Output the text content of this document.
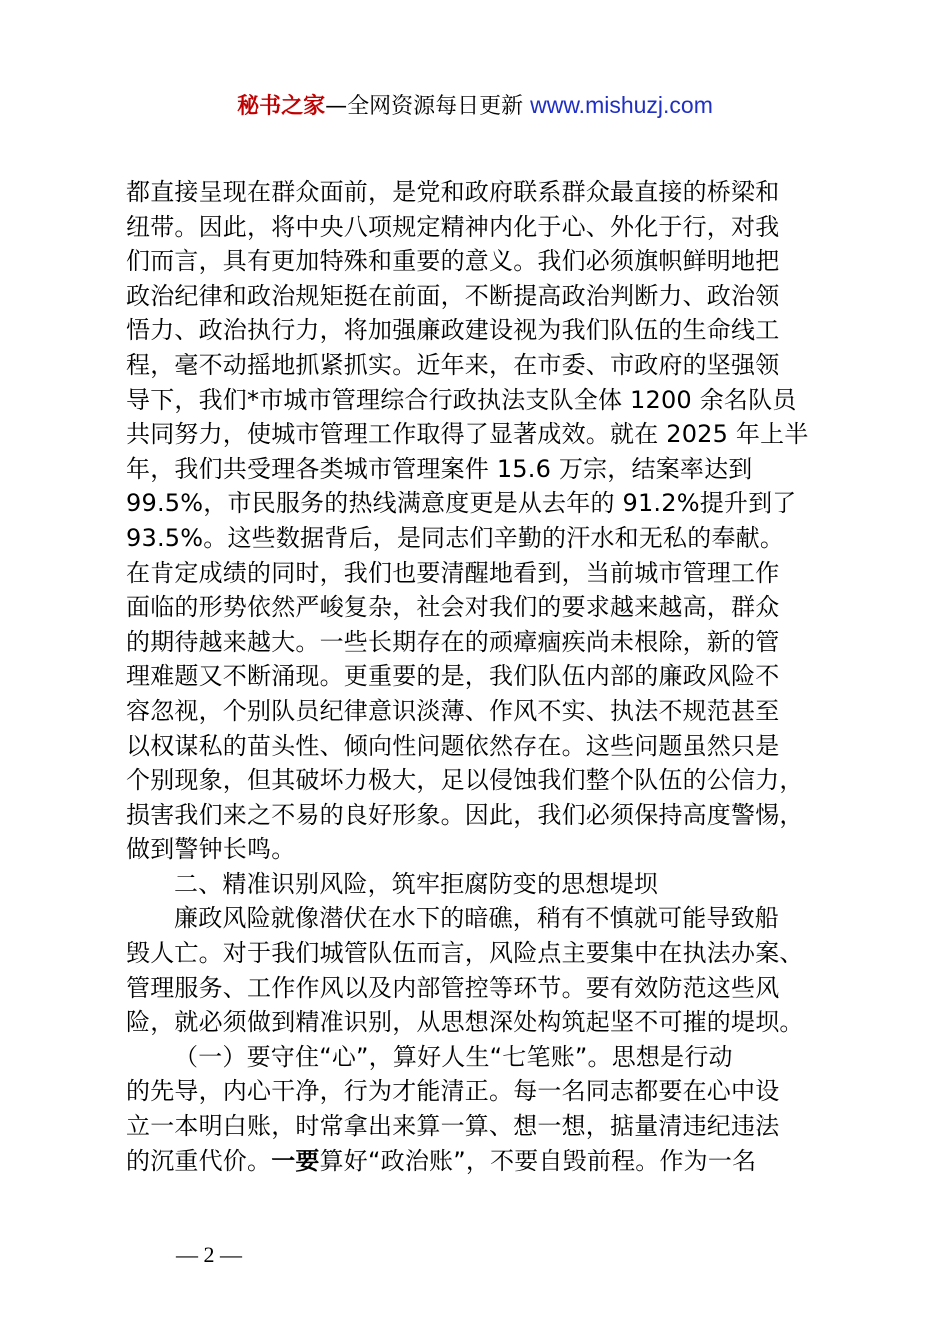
秘书之家—全网资源每日更新 www.mishuzj.com
都直接呈现在群众面前，是党和政府联系群众最直接的桥梁和
纽带。因此，将中央八项规定精神内化于心、外化于行，对我
们而言，具有更加特殊和重要的意义。我们必须旗帜鲜明地把
政治纪律和政治规矩挺在前面，不断提高政治判断力、政治领
悟力、政治执行力，将加强廉政建设视为我们队伍的生命线工
程，毫不动摇地抓紧抓实。近年来，在市委、市政府的坚强领
导下，我们*市城市管理综合行政执法支队全体 1200 余名队员
共同努力，使城市管理工作取得了显著成效。就在 2025 年上半
年，我们共受理各类城市管理案件 15.6 万宗，结案率达到
99.5%，市民服务的热线满意度更是从去年的 91.2%提升到了
93.5%。这些数据背后，是同志们辛勤的汗水和无私的奉献。
在肯定成绩的同时，我们也要清醒地看到，当前城市管理工作
面临的形势依然严峻复杂，社会对我们的要求越来越高，群众
的期待越来越大。一些长期存在的顽瘴痼疾尚未根除，新的管
理难题又不断涌现。更重要的是，我们队伍内部的廉政风险不
容忽视，个别队员纪律意识淡薄、作风不实、执法不规范甚至
以权谋私的苗头性、倾向性问题依然存在。这些问题虽然只是
个别现象，但其破坏力极大，足以侵蚀我们整个队伍的公信力，
损害我们来之不易的良好形象。因此，我们必须保持高度警惕，
做到警钟长鸣。
二、精准识别风险，筑牢拒腐防变的思想堤坝
廉政风险就像潜伏在水下的暗礁，稍有不慎就可能导致船
毁人亡。对于我们城管队伍而言，风险点主要集中在执法办案、
管理服务、工作作风以及内部管控等环节。要有效防范这些风
险，就必须做到精准识别，从思想深处构筑起坚不可摧的堤坝。
（一）要守住“心”，算好人生“七笔账”。思想是行动
的先导，内心干净，行为才能清正。每一名同志都要在心中设
立一本明白账，时常拿出来算一算、想一想，掂量清违纪违法
的沉重代价。一要算好“政治账”，不要自毁前程。作为一名
— 2 —
